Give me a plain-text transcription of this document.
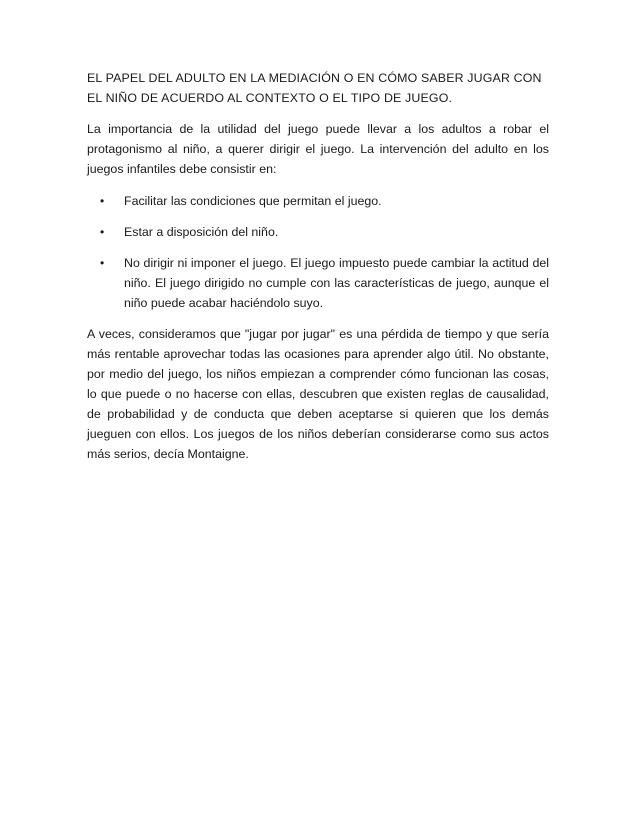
EL PAPEL DEL ADULTO EN LA MEDIACIÓN O EN CÓMO SABER JUGAR CON EL NIÑO DE ACUERDO AL CONTEXTO O EL TIPO DE JUEGO.

La importancia de la utilidad del juego puede llevar a los adultos a robar el protagonismo al niño, a querer dirigir el juego. La intervención del adulto en los juegos infantiles debe consistir en:

• Facilitar las condiciones que permitan el juego.
• Estar a disposición del niño.
• No dirigir ni imponer el juego. El juego impuesto puede cambiar la actitud del niño. El juego dirigido no cumple con las características de juego, aunque el niño puede acabar haciéndolo suyo.

A veces, consideramos que "jugar por jugar" es una pérdida de tiempo y que sería más rentable aprovechar todas las ocasiones para aprender algo útil. No obstante, por medio del juego, los niños empiezan a comprender cómo funcionan las cosas, lo que puede o no hacerse con ellas, descubren que existen reglas de causalidad, de probabilidad y de conducta que deben aceptarse si quieren que los demás jueguen con ellos. Los juegos de los niños deberían considerarse como sus actos más serios, decía Montaigne.
